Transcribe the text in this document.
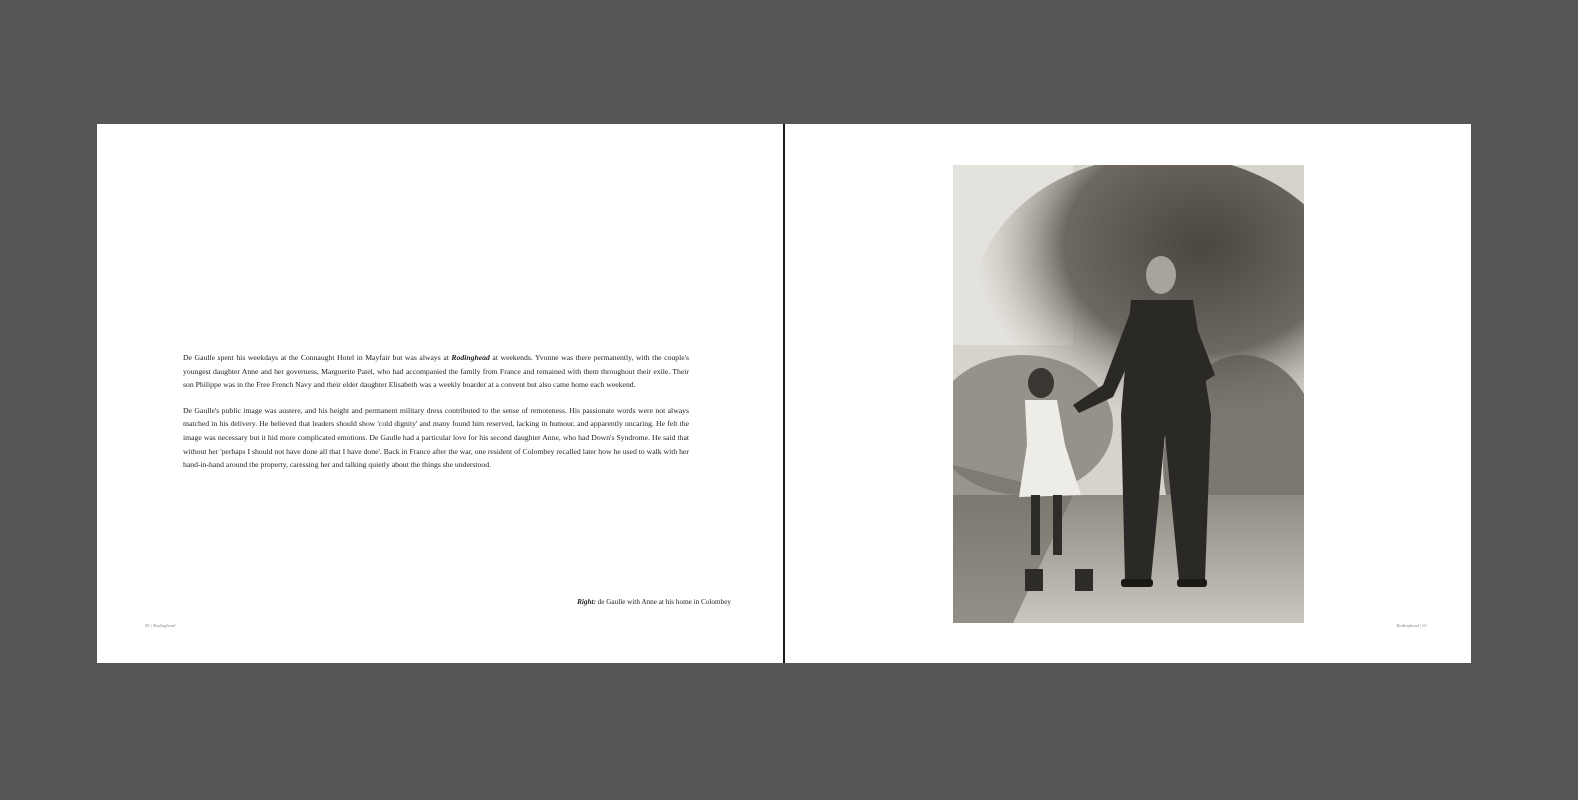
De Gaulle spent his weekdays at the Connaught Hotel in Mayfair but was always at Rodinghead at weekends. Yvonne was there permanently, with the couple's youngest daughter Anne and her governess, Marguerite Patel, who had accompanied the family from France and remained with them throughout their exile. Their son Philippe was in the Free French Navy and their elder daughter Elisabeth was a weekly boarder at a convent but also came home each weekend.

De Gaulle's public image was austere, and his height and permanent military dress contributed to the sense of remoteness. His passionate words were not always matched in his delivery. He believed that leaders should show 'cold dignity' and many found him reserved, lacking in humour, and apparently uncaring. He felt the image was necessary but it hid more complicated emotions. De Gaulle had a particular love for his second daughter Anne, who had Down's Syndrome. He said that without her 'perhaps I should not have done all that I have done'. Back in France after the war, one resident of Colombey recalled later how he used to walk with her hand-in-hand around the property, caressing her and talking quietly about the things she understood.

Right: de Gaulle with Anne at his home in Colombey
90 | Rodinghead	Rodinghead | 91
